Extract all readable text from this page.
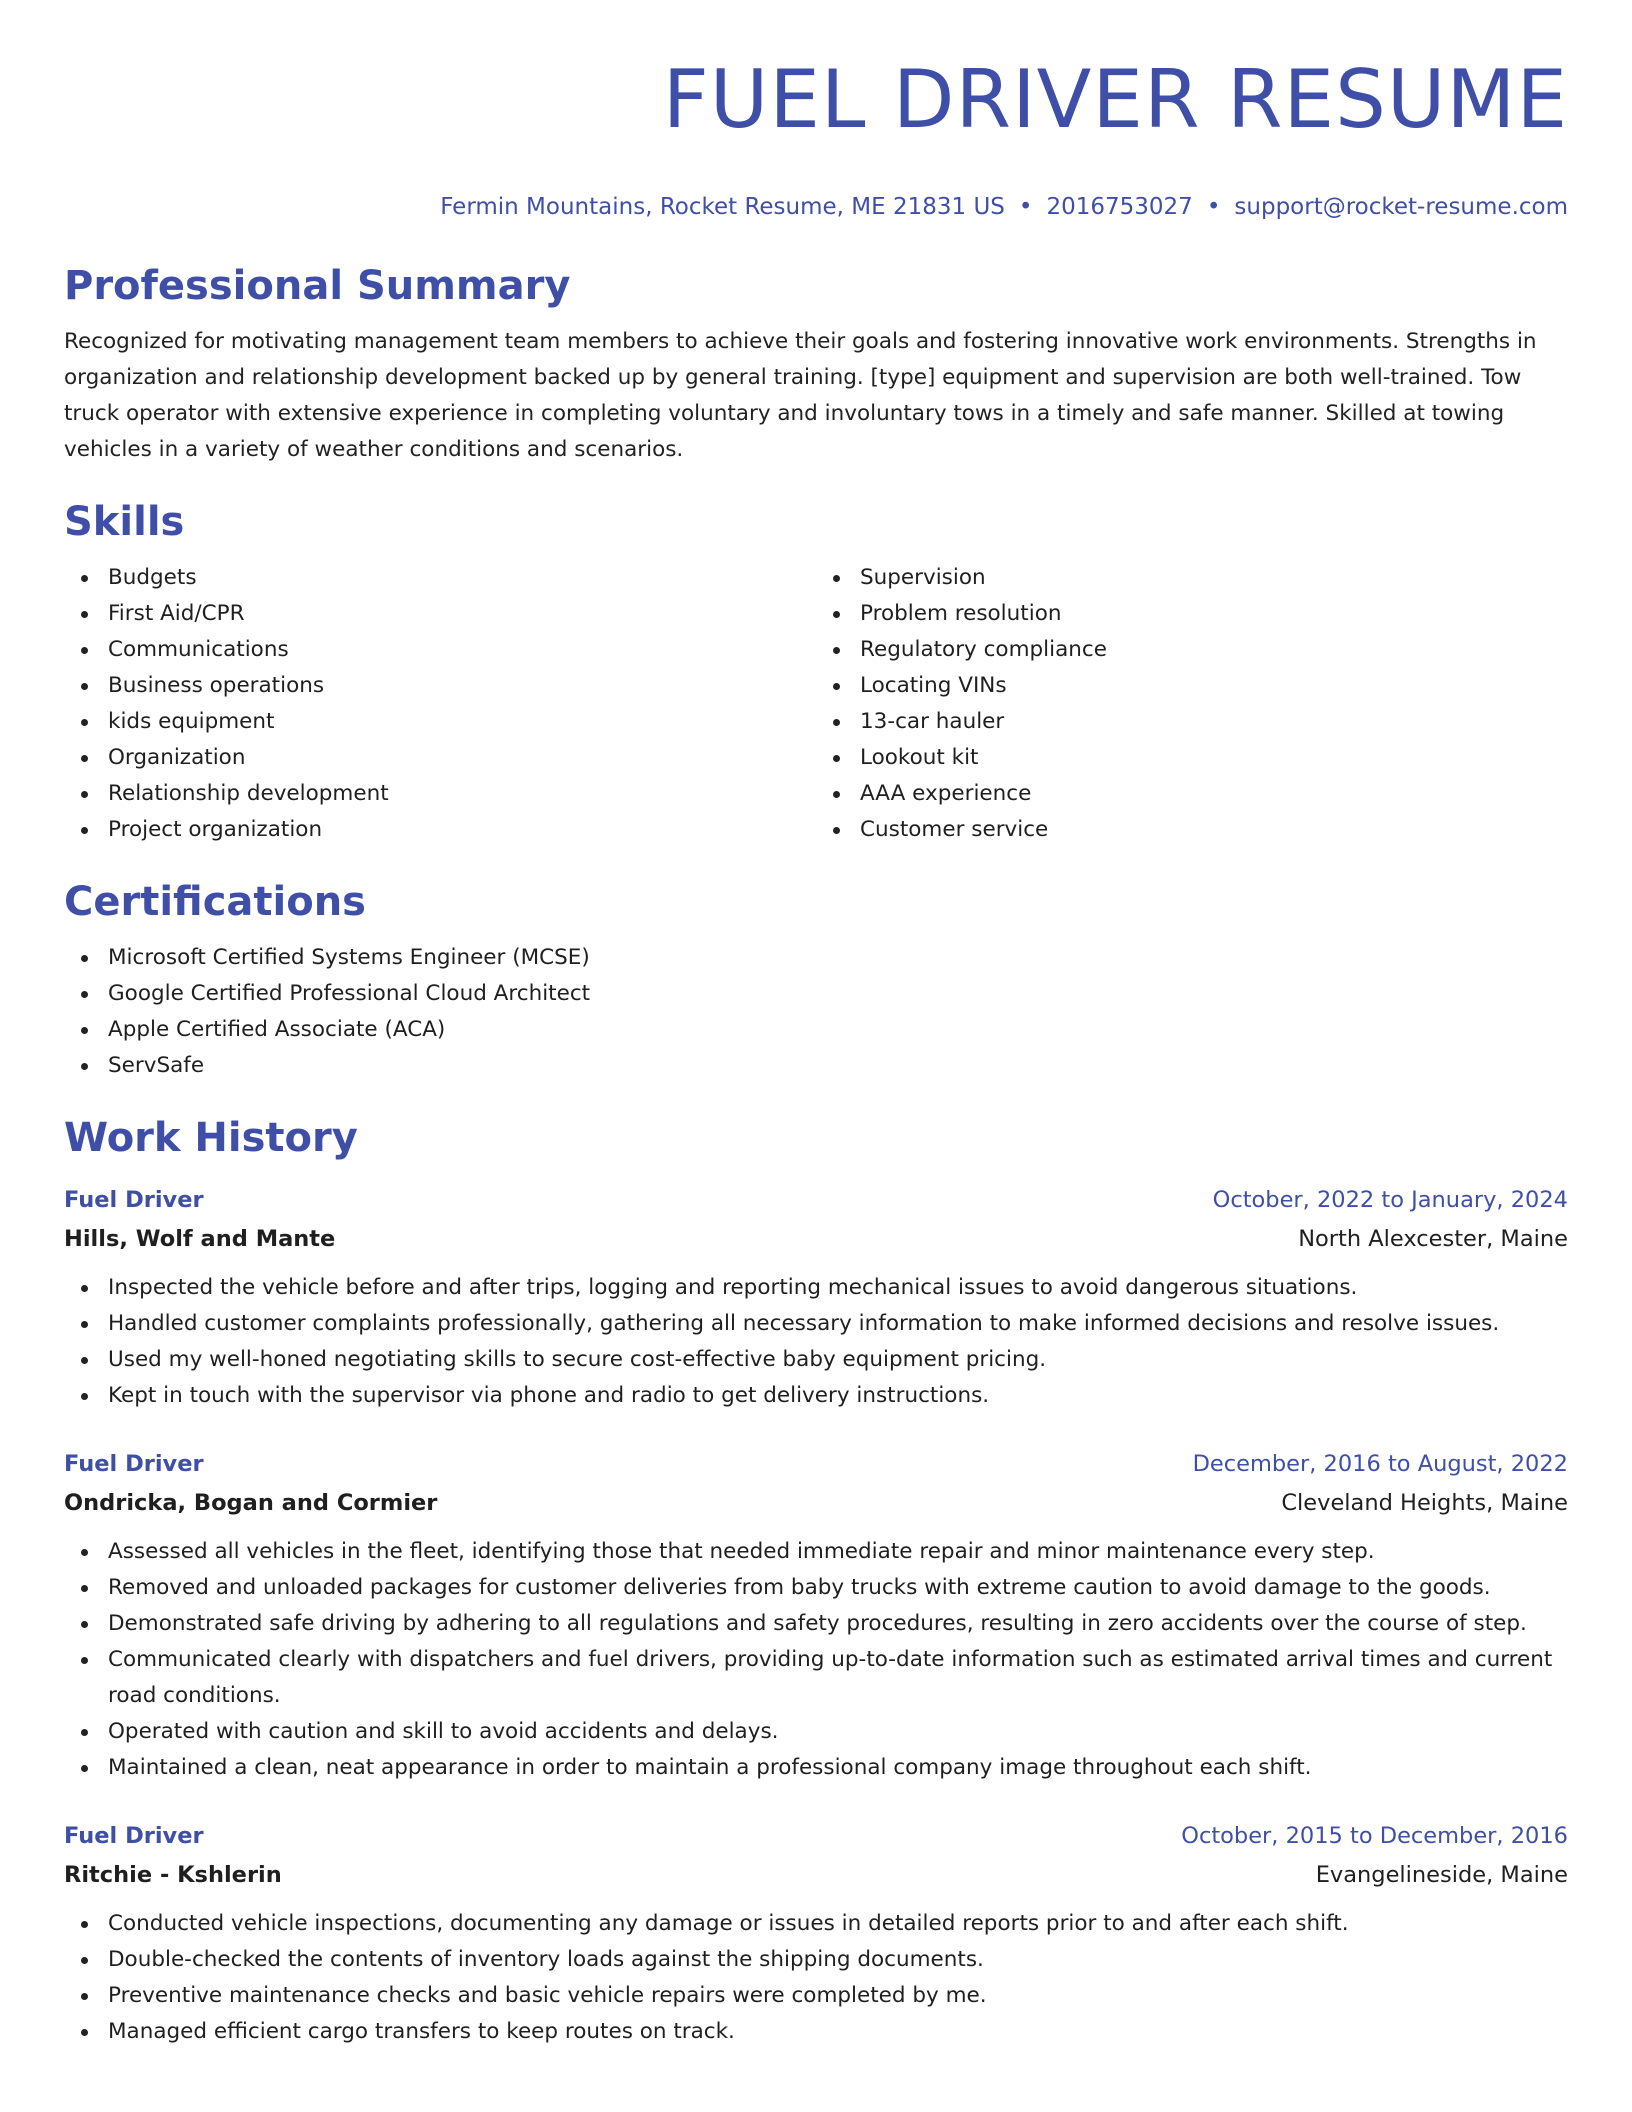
FUEL DRIVER RESUME
Fermin Mountains, Rocket Resume, ME 21831 US • 2016753027 • support@rocket-resume.com
Professional Summary

Recognized for motivating management team members to achieve their goals and fostering innovative work environments. Strengths in organization and relationship development backed up by general training. [type] equipment and supervision are both well-trained. Tow truck operator with extensive experience in completing voluntary and involuntary tows in a timely and safe manner. Skilled at towing vehicles in a variety of weather conditions and scenarios.

Skills
Budgets
First Aid/CPR
Communications
Business operations
kids equipment
Organization
Relationship development
Project organization
Supervision
Problem resolution
Regulatory compliance
Locating VINs
13-car hauler
Lookout kit
AAA experience
Customer service
Certifications
Microsoft Certified Systems Engineer (MCSE)
Google Certified Professional Cloud Architect
Apple Certified Associate (ACA)
ServSafe
Work History
Fuel Driver	October, 2022 to January, 2024
Hills, Wolf and Mante	North Alexcester, Maine
Inspected the vehicle before and after trips, logging and reporting mechanical issues to avoid dangerous situations.
Handled customer complaints professionally, gathering all necessary information to make informed decisions and resolve issues.
Used my well-honed negotiating skills to secure cost-effective baby equipment pricing.
Kept in touch with the supervisor via phone and radio to get delivery instructions.
Fuel Driver	December, 2016 to August, 2022
Ondricka, Bogan and Cormier	Cleveland Heights, Maine
Assessed all vehicles in the fleet, identifying those that needed immediate repair and minor maintenance every step.
Removed and unloaded packages for customer deliveries from baby trucks with extreme caution to avoid damage to the goods.
Demonstrated safe driving by adhering to all regulations and safety procedures, resulting in zero accidents over the course of step.
Communicated clearly with dispatchers and fuel drivers, providing up-to-date information such as estimated arrival times and current road conditions.
Operated with caution and skill to avoid accidents and delays.
Maintained a clean, neat appearance in order to maintain a professional company image throughout each shift.
Fuel Driver	October, 2015 to December, 2016
Ritchie - Kshlerin	Evangelineside, Maine
Conducted vehicle inspections, documenting any damage or issues in detailed reports prior to and after each shift.
Double-checked the contents of inventory loads against the shipping documents.
Preventive maintenance checks and basic vehicle repairs were completed by me.
Managed efficient cargo transfers to keep routes on track.
